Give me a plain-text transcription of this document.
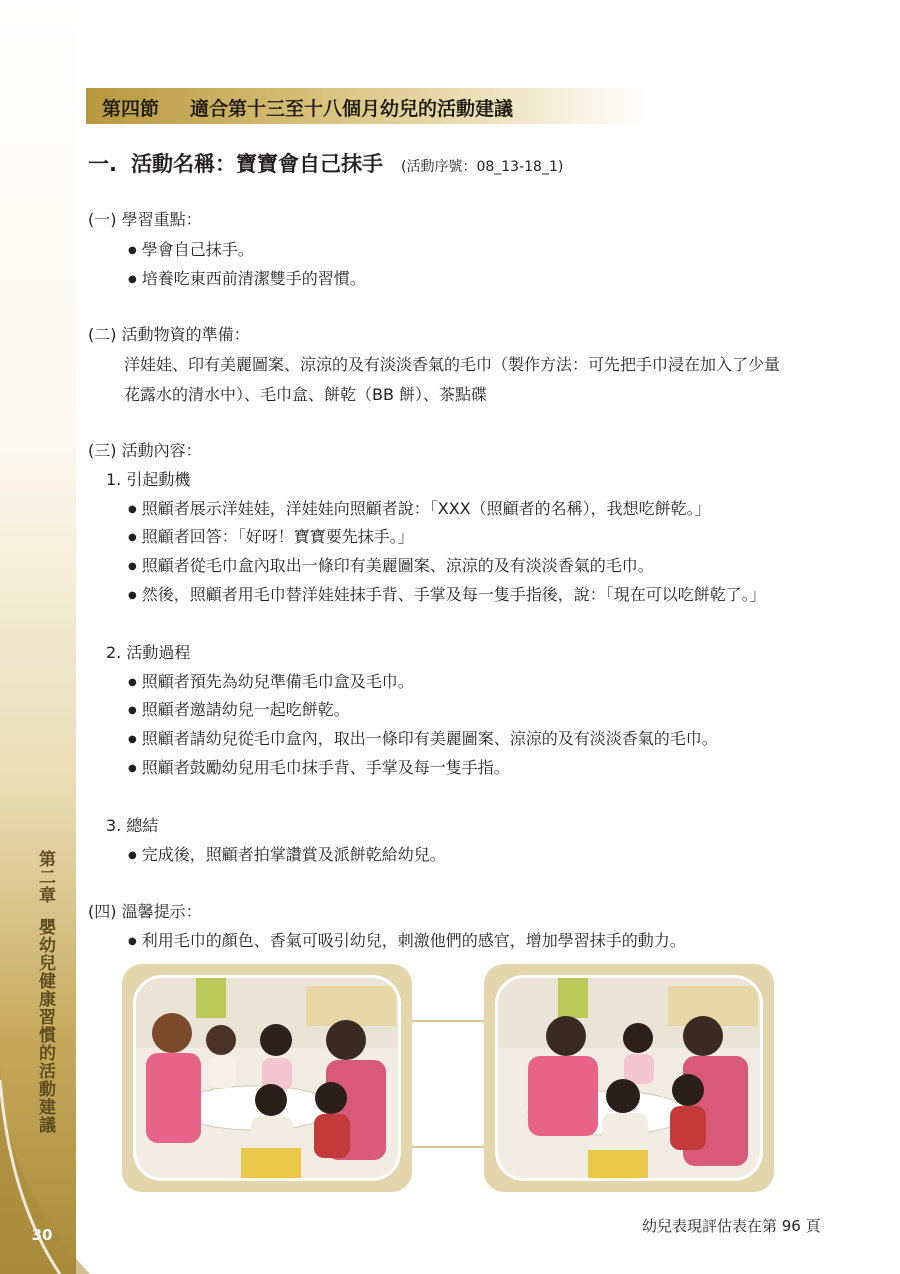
第二章嬰幼兒健康習慣的活動建議
30
第四節 適合第十三至十八個月幼兒的活動建議
一. 活動名稱：寶寶會自己抹手 (活動序號：08_13-18_1)
(一) 學習重點：
● 學會自己抹手。
● 培養吃東西前清潔雙手的習慣。
(二) 活動物資的準備：
洋娃娃、印有美麗圖案、涼涼的及有淡淡香氣的毛巾（製作方法：可先把手巾浸在加入了少量
花露水的清水中）、毛巾盒、餅乾（BB 餅）、茶點碟
(三) 活動內容：
1. 引起動機
● 照顧者展示洋娃娃，洋娃娃向照顧者說：「XXX（照顧者的名稱），我想吃餅乾。」
● 照顧者回答：「好呀！寶寶要先抹手。」
● 照顧者從毛巾盒內取出一條印有美麗圖案、涼涼的及有淡淡香氣的毛巾。
● 然後，照顧者用毛巾替洋娃娃抹手背、手掌及每一隻手指後，說：「現在可以吃餅乾了。」
2. 活動過程
● 照顧者預先為幼兒準備毛巾盒及毛巾。
● 照顧者邀請幼兒一起吃餅乾。
● 照顧者請幼兒從毛巾盒內，取出一條印有美麗圖案、涼涼的及有淡淡香氣的毛巾。
● 照顧者鼓勵幼兒用毛巾抹手背、手掌及每一隻手指。
3. 總結
● 完成後，照顧者拍掌讚賞及派餅乾給幼兒。
(四) 溫馨提示：
● 利用毛巾的顏色、香氣可吸引幼兒，刺激他們的感官，增加學習抹手的動力。
幼兒表現評估表在第 96 頁
